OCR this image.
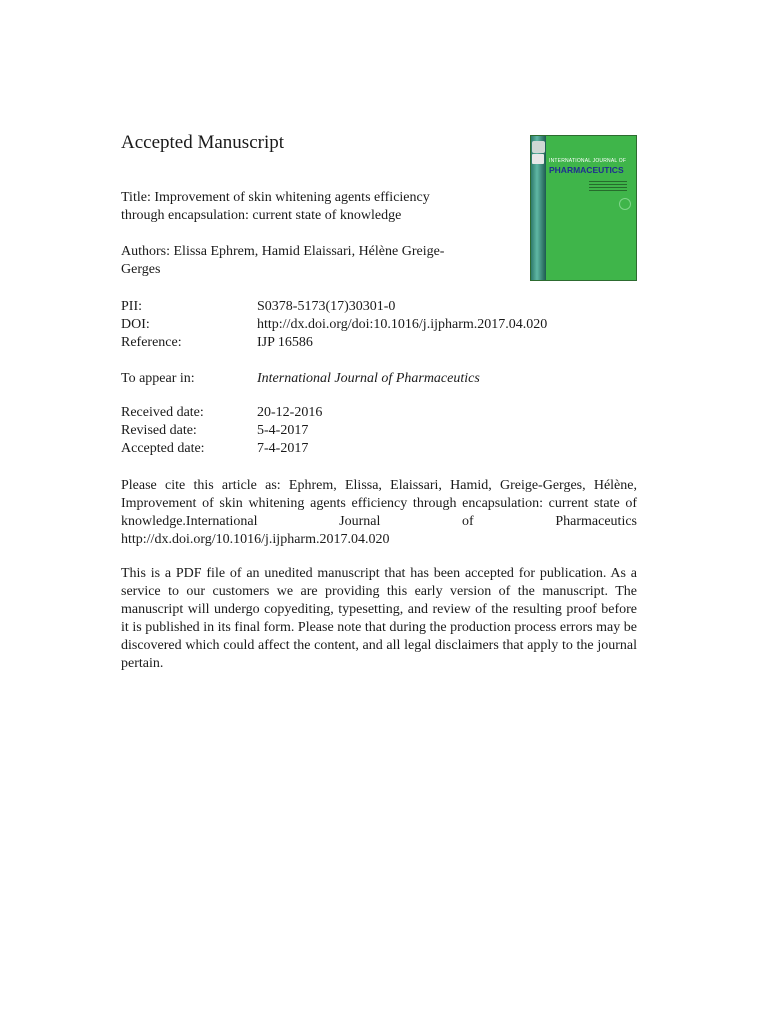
Accepted Manuscript
INTERNATIONAL JOURNAL OF
PHARMACEUTICS

Title: Improvement of skin whitening agents efficiency through encapsulation: current state of knowledge

Authors: Elissa Ephrem, Hamid Elaissari, Hélène Greige-Gerges

PII:	S0378-5173(17)30301-0
DOI:	http://dx.doi.org/doi:10.1016/j.ijpharm.2017.04.020
Reference:	IJP 16586
To appear in:	International Journal of Pharmaceutics
Received date:	20-12-2016
Revised date:	5-4-2017
Accepted date:	7-4-2017

Please cite this article as: Ephrem, Elissa, Elaissari, Hamid, Greige-Gerges, Hélène, Improvement of skin whitening agents efficiency through encapsulation: current state of knowledge.International Journal of Pharmaceutics http://dx.doi.org/10.1016/j.ijpharm.2017.04.020

This is a PDF file of an unedited manuscript that has been accepted for publication. As a service to our customers we are providing this early version of the manuscript. The manuscript will undergo copyediting, typesetting, and review of the resulting proof before it is published in its final form. Please note that during the production process errors may be discovered which could affect the content, and all legal disclaimers that apply to the journal pertain.
